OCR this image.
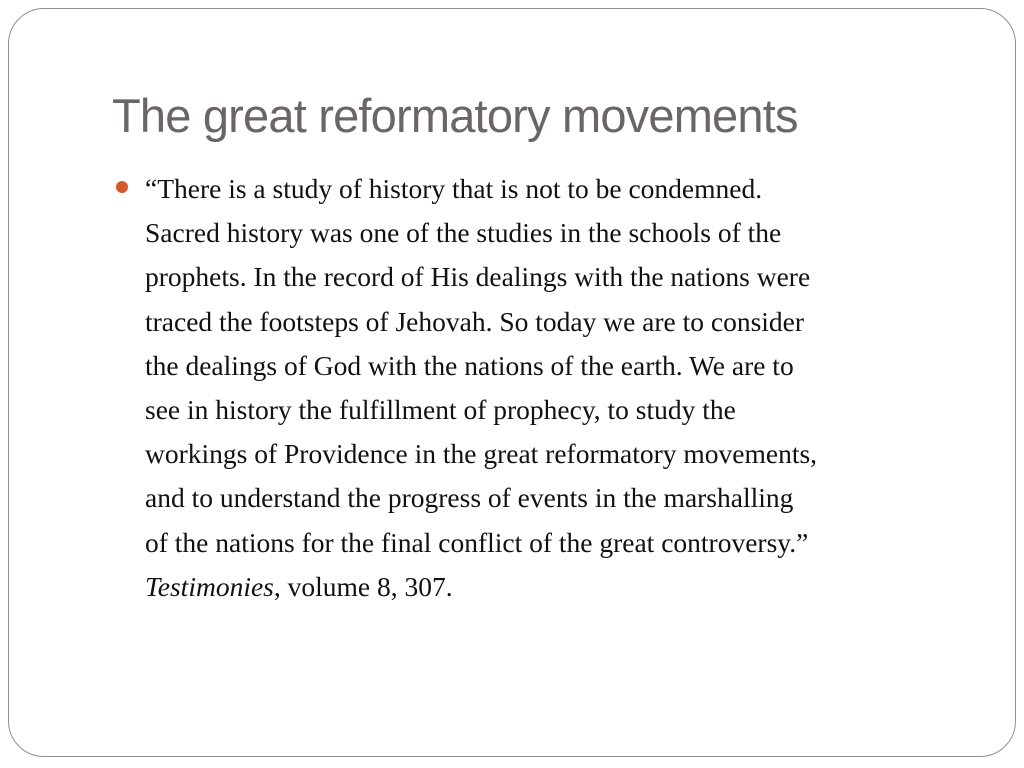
The great reformatory movements

“There is a study of history that is not to be condemned.
Sacred history was one of the studies in the schools of the
prophets. In the record of His dealings with the nations were
traced the footsteps of Jehovah. So today we are to consider
the dealings of God with the nations of the earth. We are to
see in history the fulfillment of prophecy, to study the
workings of Providence in the great reformatory movements,
and to understand the progress of events in the marshalling
of the nations for the final conflict of the great controversy.”
Testimonies, volume 8, 307.
